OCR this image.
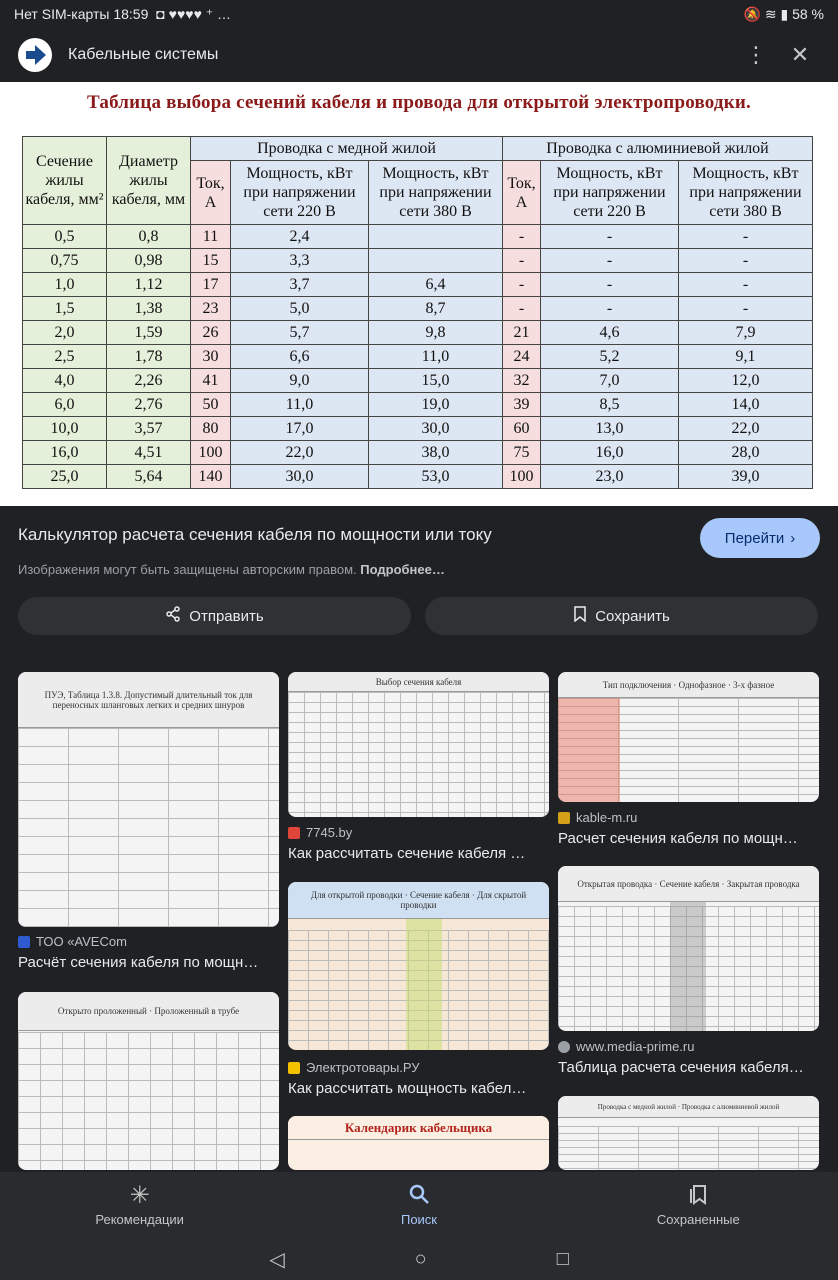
Нет SIM-карты 18:59 ◘ ♥♥♥♥ ⁺ …	🔕 ≋ ▮ 58 %
Кабельные системы	⋮	✕
Таблица выбора сечений кабеля и провода для открытой электропроводки.
Сечение жилы кабеля, мм²	Диаметр жилы кабеля, мм	Проводка с медной жилой			Проводка с алюминиевой жилой		
		Ток, А	Мощность, кВт при напряжении сети 220 В	Мощность, кВт при напряжении сети 380 В	Ток, А	Мощность, кВт при напряжении сети 220 В	Мощность, кВт при напряжении сети 380 В
0,5	0,8	11	2,4		-	-	-
0,75	0,98	15	3,3		-	-	-
1,0	1,12	17	3,7	6,4	-	-	-
1,5	1,38	23	5,0	8,7	-	-	-
2,0	1,59	26	5,7	9,8	21	4,6	7,9
2,5	1,78	30	6,6	11,0	24	5,2	9,1
4,0	2,26	41	9,0	15,0	32	7,0	12,0
6,0	2,76	50	11,0	19,0	39	8,5	14,0
10,0	3,57	80	17,0	30,0	60	13,0	22,0
16,0	4,51	100	22,0	38,0	75	16,0	28,0
25,0	5,64	140	30,0	53,0	100	23,0	39,0
Калькулятор расчета сечения кабеля по мощности или току	Перейти ›
Изображения могут быть защищены авторским правом. Подробнее…
Отправить	Сохранить
ПУЭ, Таблица 1.3.8. Допустимый длительный ток для переносных шланговых легких и средних шнуров
ТОО «AVECom
Расчёт сечения кабеля по мощн…
Открыто проложенный · Проложенный в трубе
Выбор сечения кабеля
7745.by
Как рассчитать сечение кабеля …
Для открытой проводки · Сечение кабеля · Для скрытой проводки
Электротовары.РУ
Как рассчитать мощность кабел…
Календарик кабельщика
Тип подключения · Однофазное · 3-х фазное
kable-m.ru
Расчет сечения кабеля по мощн…
Открытая проводка · Сечение кабеля · Закрытая проводка
www.media-prime.ru
Таблица расчета сечения кабеля…
Проводка с медной жилой · Проводка с алюминиевой жилой
✳
Рекомендации	Поиск	Сохраненные
◁	○	□
